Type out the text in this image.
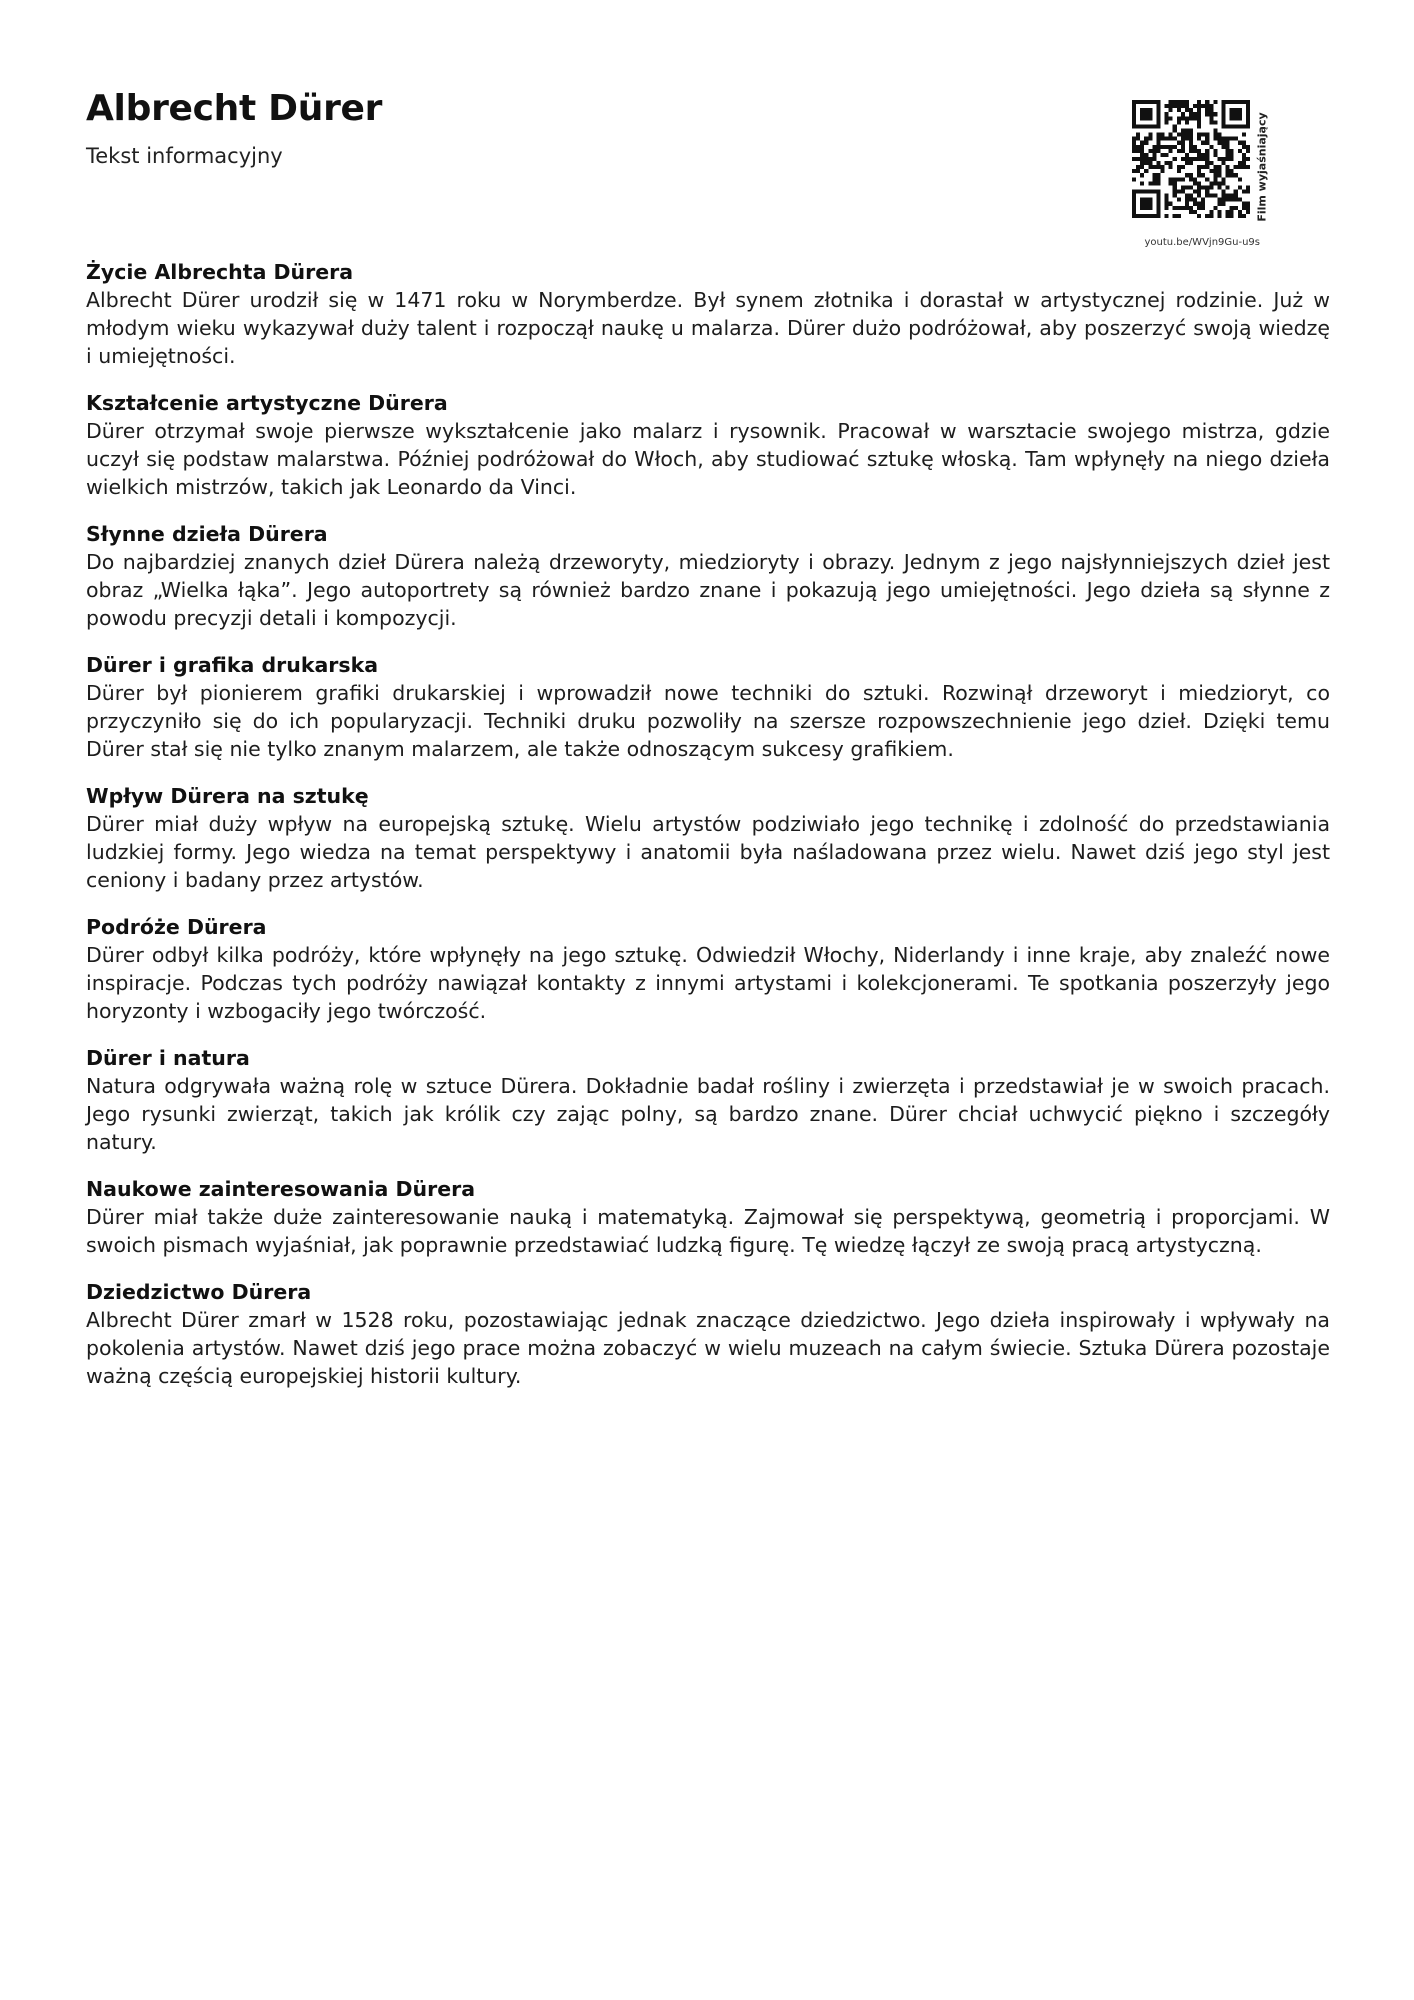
Albrecht Dürer

Tekst informacyjny	Film wyjaśniający
youtu.be/WVjn9Gu-u9s
Życie Albrechta Dürera

Albrecht Dürer urodził się w 1471 roku w Norymberdze. Był synem złotnika i dorastał w artystycznej rodzinie. Już w młodym wieku wykazywał duży talent i rozpoczął naukę u malarza. Dürer dużo podróżował, aby poszerzyć swoją wiedzę i umiejętności.

Kształcenie artystyczne Dürera

Dürer otrzymał swoje pierwsze wykształcenie jako malarz i rysownik. Pracował w warsztacie swojego mistrza, gdzie uczył się podstaw malarstwa. Później podróżował do Włoch, aby studiować sztukę włoską. Tam wpłynęły na niego dzieła wielkich mistrzów, takich jak Leonardo da Vinci.

Słynne dzieła Dürera

Do najbardziej znanych dzieł Dürera należą drzeworyty, miedzioryty i obrazy. Jednym z jego najsłynniejszych dzieł jest obraz „Wielka łąka”. Jego autoportrety są również bardzo znane i pokazują jego umiejętności. Jego dzieła są słynne z powodu precyzji detali i kompozycji.

Dürer i grafika drukarska

Dürer był pionierem grafiki drukarskiej i wprowadził nowe techniki do sztuki. Rozwinął drzeworyt i miedzioryt, co przyczyniło się do ich popularyzacji. Techniki druku pozwoliły na szersze rozpowszechnienie jego dzieł. Dzięki temu Dürer stał się nie tylko znanym malarzem, ale także odnoszącym sukcesy grafikiem.

Wpływ Dürera na sztukę

Dürer miał duży wpływ na europejską sztukę. Wielu artystów podziwiało jego technikę i zdolność do przedstawiania ludzkiej formy. Jego wiedza na temat perspektywy i anatomii była naśladowana przez wielu. Nawet dziś jego styl jest ceniony i badany przez artystów.

Podróże Dürera

Dürer odbył kilka podróży, które wpłynęły na jego sztukę. Odwiedził Włochy, Niderlandy i inne kraje, aby znaleźć nowe inspiracje. Podczas tych podróży nawiązał kontakty z innymi artystami i kolekcjonerami. Te spotkania poszerzyły jego horyzonty i wzbogaciły jego twórczość.

Dürer i natura

Natura odgrywała ważną rolę w sztuce Dürera. Dokładnie badał rośliny i zwierzęta i przedstawiał je w swoich pracach. Jego rysunki zwierząt, takich jak królik czy zając polny, są bardzo znane. Dürer chciał uchwycić piękno i szczegóły natury.

Naukowe zainteresowania Dürera

Dürer miał także duże zainteresowanie nauką i matematyką. Zajmował się perspektywą, geometrią i proporcjami. W swoich pismach wyjaśniał, jak poprawnie przedstawiać ludzką figurę. Tę wiedzę łączył ze swoją pracą artystyczną.

Dziedzictwo Dürera

Albrecht Dürer zmarł w 1528 roku, pozostawiając jednak znaczące dziedzictwo. Jego dzieła inspirowały i wpływały na pokolenia artystów. Nawet dziś jego prace można zobaczyć w wielu muzeach na całym świecie. Sztuka Dürera pozostaje ważną częścią europejskiej historii kultury.
